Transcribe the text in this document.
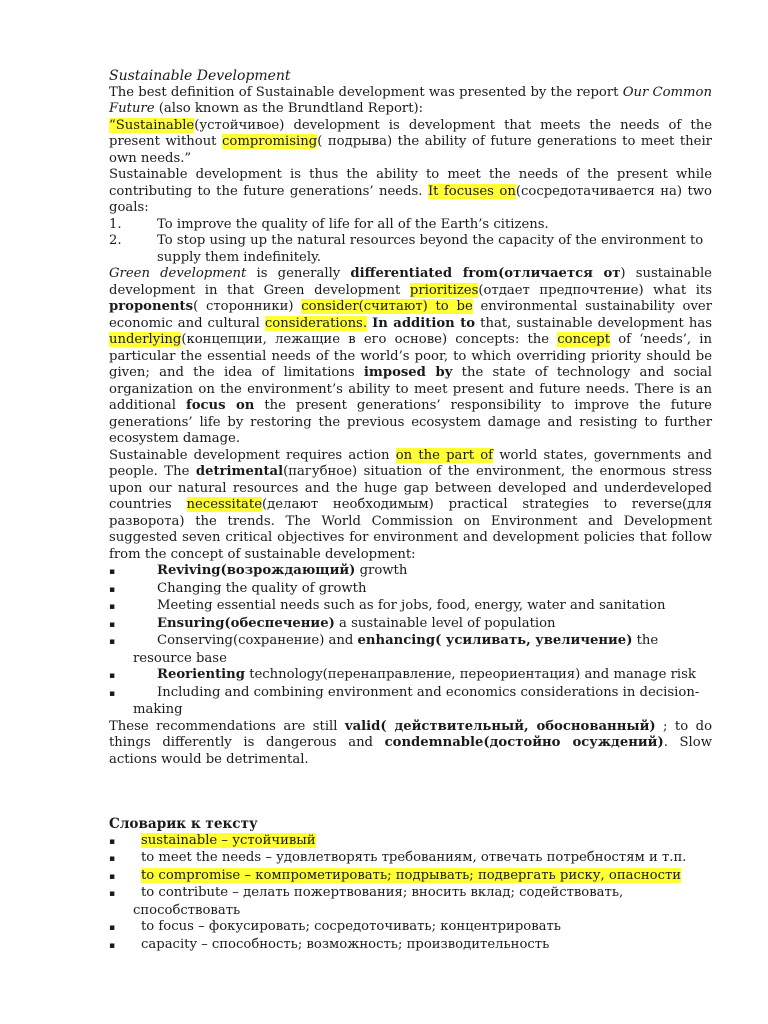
Sustainable Development

The best definition of Sustainable development was presented by the report Our Common Future (also known as the Brundtland Report):

“Sustainable(устойчивое) development is development that meets the needs of the present without compromising( подрыва) the ability of future generations to meet their own needs.”

Sustainable development is thus the ability to meet the needs of the present while contributing to the future generations’ needs. It focuses on(сосредотачивается на) two goals:

1.	To improve the quality of life for all of the Earth’s citizens.
2.	To stop using up the natural resources beyond the capacity of the environment to supply them indefinitely.

Green development is generally differentiated from(отличается от) sustainable development in that Green development prioritizes(отдает предпочтение) what its proponents( сторонники) consider(считают) to be environmental sustainability over economic and cultural considerations. In addition to that, sustainable development has underlying(концепции, лежащие в его основе) concepts: the concept of ‘needs’, in particular the essential needs of the world’s poor, to which overriding priority should be given; and the idea of limitations imposed by the state of technology and social organization on the environment’s ability to meet present and future needs. There is an additional focus on the present generations’ responsibility to improve the future generations’ life by restoring the previous ecosystem damage and resisting to further ecosystem damage.

Sustainable development requires action on the part of world states, governments and people. The detrimental(пагубное) situation of the environment, the enormous stress upon our natural resources and the huge gap between developed and underdeveloped countries necessitate(делают необходимым) practical strategies to reverse(для разворота) the trends. The World Commission on Environment and Development suggested seven critical objectives for environment and development policies that follow from the concept of sustainable development:

▪	Reviving(возрождающий) growth
▪	Changing the quality of growth
▪	Meeting essential needs such as for jobs, food, energy, water and sanitation
▪	Ensuring(обеспечение) a sustainable level of population
▪	Conserving(сохранение) and enhancing( усиливать, увеличение) the resource base
▪	Reorienting technology(перенаправление, переориентация) and manage risk
▪	Including and combining environment and economics considerations in decision-making

These recommendations are still valid( действительный, обоснованный) ; to do things differently is dangerous and condemnable(достойно осуждений). Slow actions would be detrimental.

Словарик к тексту

▪ sustainable – устойчивый
▪ to meet the needs – удовлетворять требованиям, отвечать потребностям и т.п.
▪ to compromise – компрометировать; подрывать; подвергать риску, опасности
▪ to contribute – делать пожертвования; вносить вклад; содействовать, способствовать
▪ to focus – фокусировать; сосредоточивать; концентрировать
▪ capacity – способность; возможность; производительность
